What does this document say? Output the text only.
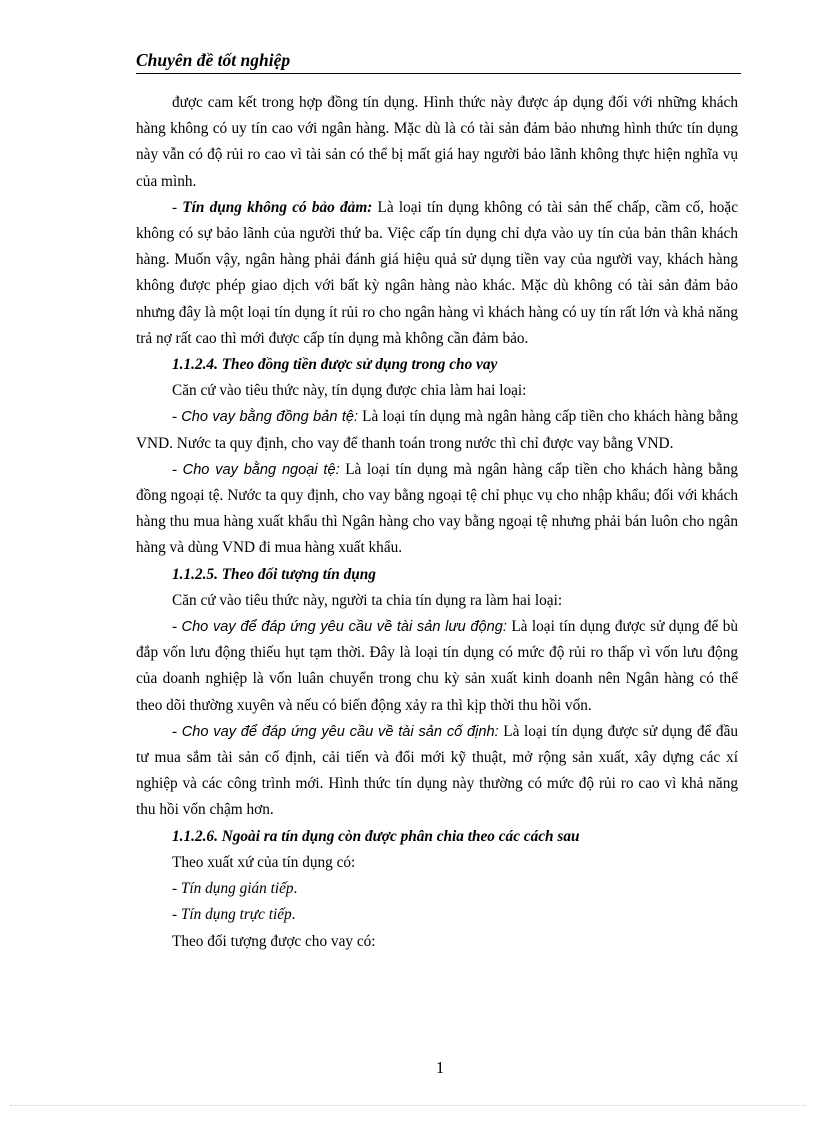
Chuyên đề tốt nghiệp

được cam kết trong hợp đồng tín dụng. Hình thức này được áp dụng đối với những khách hàng không có uy tín cao với ngân hàng. Mặc dù là có tài sản đảm bảo nhưng hình thức tín dụng này vẫn có độ rủi ro cao vì tài sản có thể bị mất giá hay người bảo lãnh không thực hiện nghĩa vụ của mình.

- Tín dụng không có bảo đảm: Là loại tín dụng không có tài sản thế chấp, cầm cố, hoặc không có sự bảo lãnh của người thứ ba. Việc cấp tín dụng chỉ dựa vào uy tín của bản thân khách hàng. Muốn vậy, ngân hàng phải đánh giá hiệu quả sử dụng tiền vay của người vay, khách hàng không được phép giao dịch với bất kỳ ngân hàng nào khác. Mặc dù không có tài sản đảm bảo nhưng đây là một loại tín dụng ít rủi ro cho ngân hàng vì khách hàng có uy tín rất lớn và khả năng trả nợ rất cao thì mới được cấp tín dụng mà không cần đảm bảo.

1.1.2.4. Theo đồng tiền được sử dụng trong cho vay

Căn cứ vào tiêu thức này, tín dụng được chia làm hai loại:

- Cho vay bằng đồng bản tệ: Là loại tín dụng mà ngân hàng cấp tiền cho khách hàng bằng VND. Nước ta quy định, cho vay để thanh toán trong nước thì chỉ được vay bằng VND.

- Cho vay bằng ngoại tệ: Là loại tín dụng mà ngân hàng cấp tiền cho khách hàng bằng đồng ngoại tệ. Nước ta quy định, cho vay bằng ngoại tệ chỉ phục vụ cho nhập khẩu; đối với khách hàng thu mua hàng xuất khẩu thì Ngân hàng cho vay bằng ngoại tệ nhưng phải bán luôn cho ngân hàng và dùng VND đi mua hàng xuất khẩu.

1.1.2.5. Theo đối tượng tín dụng

Căn cứ vào tiêu thức này, người ta chia tín dụng ra làm hai loại:

- Cho vay để đáp ứng yêu cầu về tài sản lưu động: Là loại tín dụng được sử dụng để bù đắp vốn lưu động thiếu hụt tạm thời. Đây là loại tín dụng có mức độ rủi ro thấp vì vốn lưu động của doanh nghiệp là vốn luân chuyển trong chu kỳ sản xuất kinh doanh nên Ngân hàng có thể theo dõi thường xuyên và nếu có biến động xảy ra thì kịp thời thu hồi vốn.

- Cho vay để đáp ứng yêu cầu về tài sản cố định: Là loại tín dụng được sử dụng để đầu tư mua sắm tài sản cố định, cải tiến và đổi mới kỹ thuật, mở rộng sản xuất, xây dựng các xí nghiệp và các công trình mới. Hình thức tín dụng này thường có mức độ rủi ro cao vì khả năng thu hồi vốn chậm hơn.

1.1.2.6. Ngoài ra tín dụng còn được phân chia theo các cách sau

Theo xuất xứ của tín dụng có:

- Tín dụng gián tiếp.

- Tín dụng trực tiếp.

Theo đối tượng được cho vay có:

1
